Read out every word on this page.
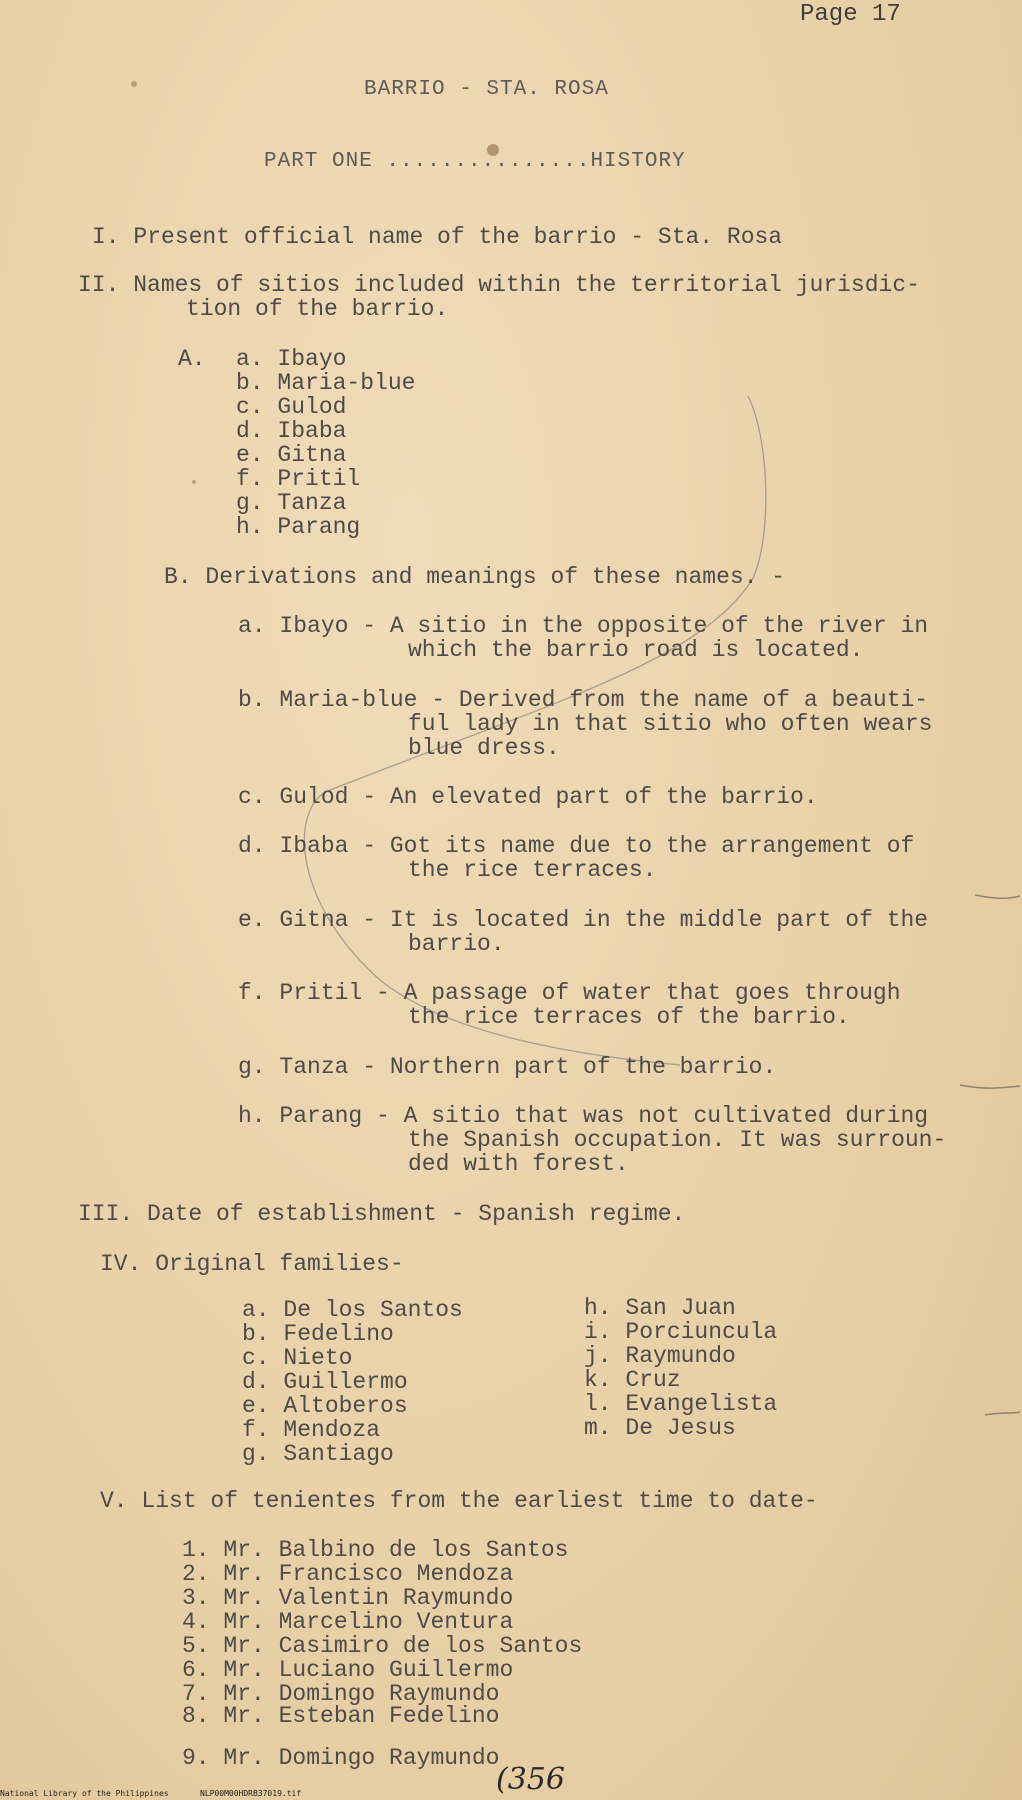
Page 17
BARRIO - STA. ROSA
PART ONE ...............HISTORY
I. Present official name of the barrio - Sta. Rosa
II. Names of sitios included within the territorial jurisdic-
tion of the barrio.
A. a. Ibayo
b. Maria-blue
c. Gulod
d. Ibaba
e. Gitna
f. Pritil
g. Tanza
h. Parang
B. Derivations and meanings of these names. -
a. Ibayo - A sitio in the opposite of the river in
which the barrio road is located.
b. Maria-blue - Derived from the name of a beauti-
ful lady in that sitio who often wears
blue dress.
c. Gulod - An elevated part of the barrio.
d. Ibaba - Got its name due to the arrangement of
the rice terraces.
e. Gitna - It is located in the middle part of the
barrio.
f. Pritil - A passage of water that goes through
the rice terraces of the barrio.
g. Tanza - Northern part of the barrio.
h. Parang - A sitio that was not cultivated during
the Spanish occupation. It was surroun-
ded with forest.
III. Date of establishment - Spanish regime.
IV. Original families-
a. De los Santos
b. Fedelino
c. Nieto
d. Guillermo
e. Altoberos
f. Mendoza
g. Santiago
h. San Juan
i. Porciuncula
j. Raymundo
k. Cruz
l. Evangelista
m. De Jesus
V. List of tenientes from the earliest time to date-
1. Mr. Balbino de los Santos
2. Mr. Francisco Mendoza
3. Mr. Valentin Raymundo
4. Mr. Marcelino Ventura
5. Mr. Casimiro de los Santos
6. Mr. Luciano Guillermo
7. Mr. Domingo Raymundo
8. Mr. Esteban Fedelino
9. Mr. Domingo Raymundo
(356
National Library of the Philippines	NLP00M00HDRB37019.tif
